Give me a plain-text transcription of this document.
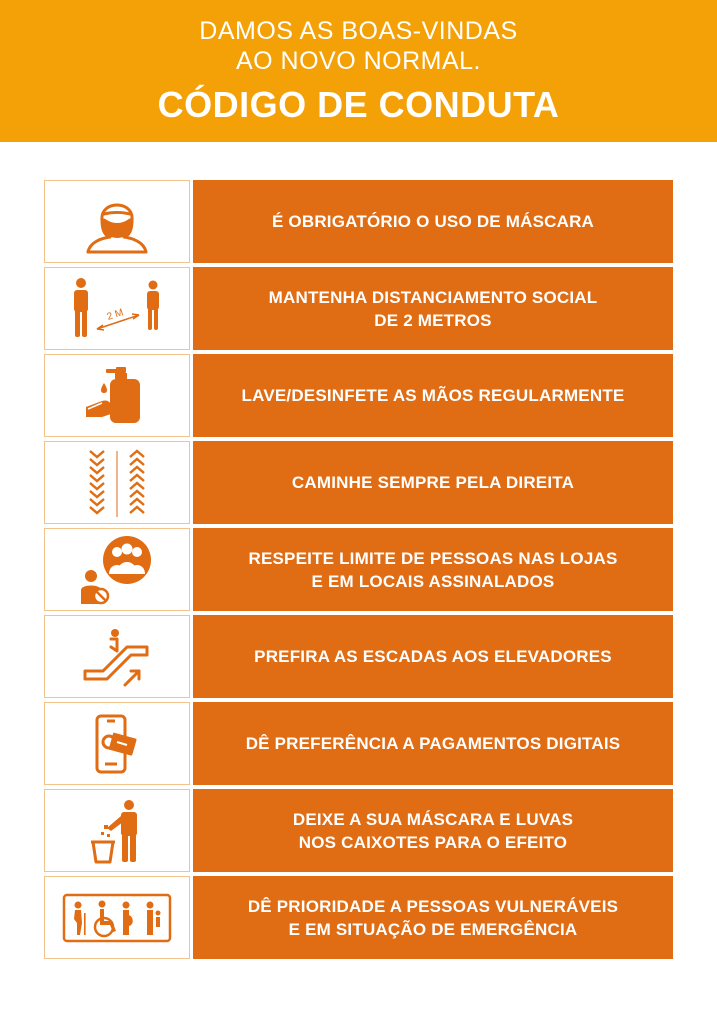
DAMOS AS BOAS-VINDAS
AO NOVO NORMAL.
CÓDIGO DE CONDUTA
É OBRIGATÓRIO O USO DE MÁSCARA
2 M
MANTENHA DISTANCIAMENTO SOCIAL
DE 2 METROS
LAVE/DESINFETE AS MÃOS REGULARMENTE
CAMINHE SEMPRE PELA DIREITA
RESPEITE LIMITE DE PESSOAS NAS LOJAS
E EM LOCAIS ASSINALADOS
PREFIRA AS ESCADAS AOS ELEVADORES
DÊ PREFERÊNCIA A PAGAMENTOS DIGITAIS
DEIXE A SUA MÁSCARA E LUVAS
NOS CAIXOTES PARA O EFEITO
DÊ PRIORIDADE A PESSOAS VULNERÁVEIS
E EM SITUAÇÃO DE EMERGÊNCIA
